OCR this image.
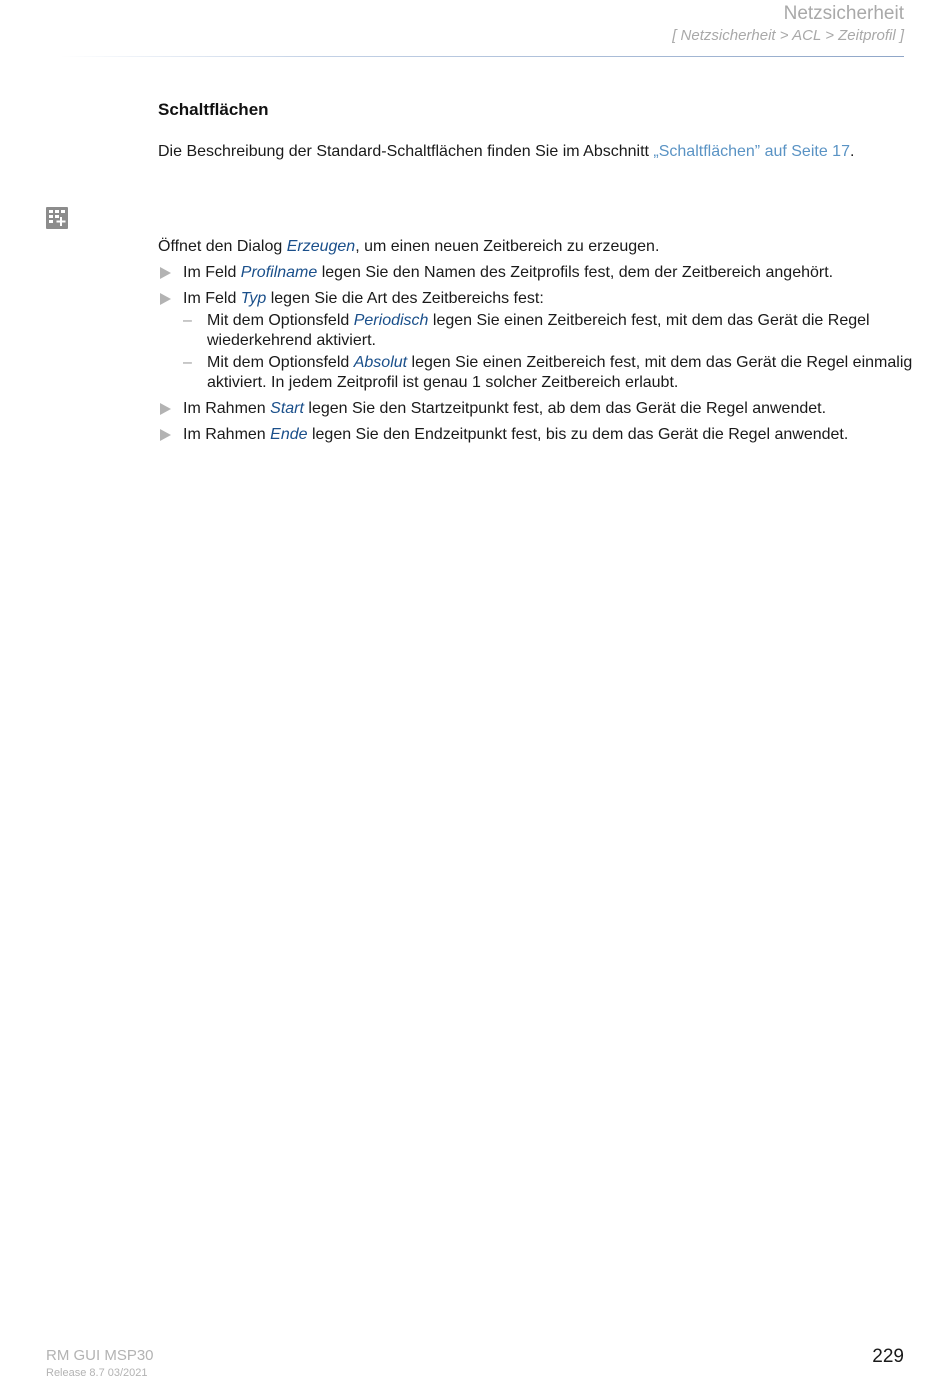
Netzsicherheit
[ Netzsicherheit > ACL > Zeitprofil ]
Schaltflächen
Die Beschreibung der Standard-Schaltflächen finden Sie im Abschnitt „Schaltflächen” auf Seite 17.

Öffnet den Dialog Erzeugen, um einen neuen Zeitbereich zu erzeugen.

Im Feld Profilname legen Sie den Namen des Zeitprofils fest, dem der Zeitbereich angehört.
Im Feld Typ legen Sie die Art des Zeitbereichs fest:
– Mit dem Optionsfeld Periodisch legen Sie einen Zeitbereich fest, mit dem das Gerät die Regel wiederkehrend aktiviert.
– Mit dem Optionsfeld Absolut legen Sie einen Zeitbereich fest, mit dem das Gerät die Regel einmalig aktiviert. In jedem Zeitprofil ist genau 1 solcher Zeitbereich erlaubt.
Im Rahmen Start legen Sie den Startzeitpunkt fest, ab dem das Gerät die Regel anwendet.
Im Rahmen Ende legen Sie den Endzeitpunkt fest, bis zu dem das Gerät die Regel anwendet.
RM GUI MSP30
Release 8.7 03/2021
229
